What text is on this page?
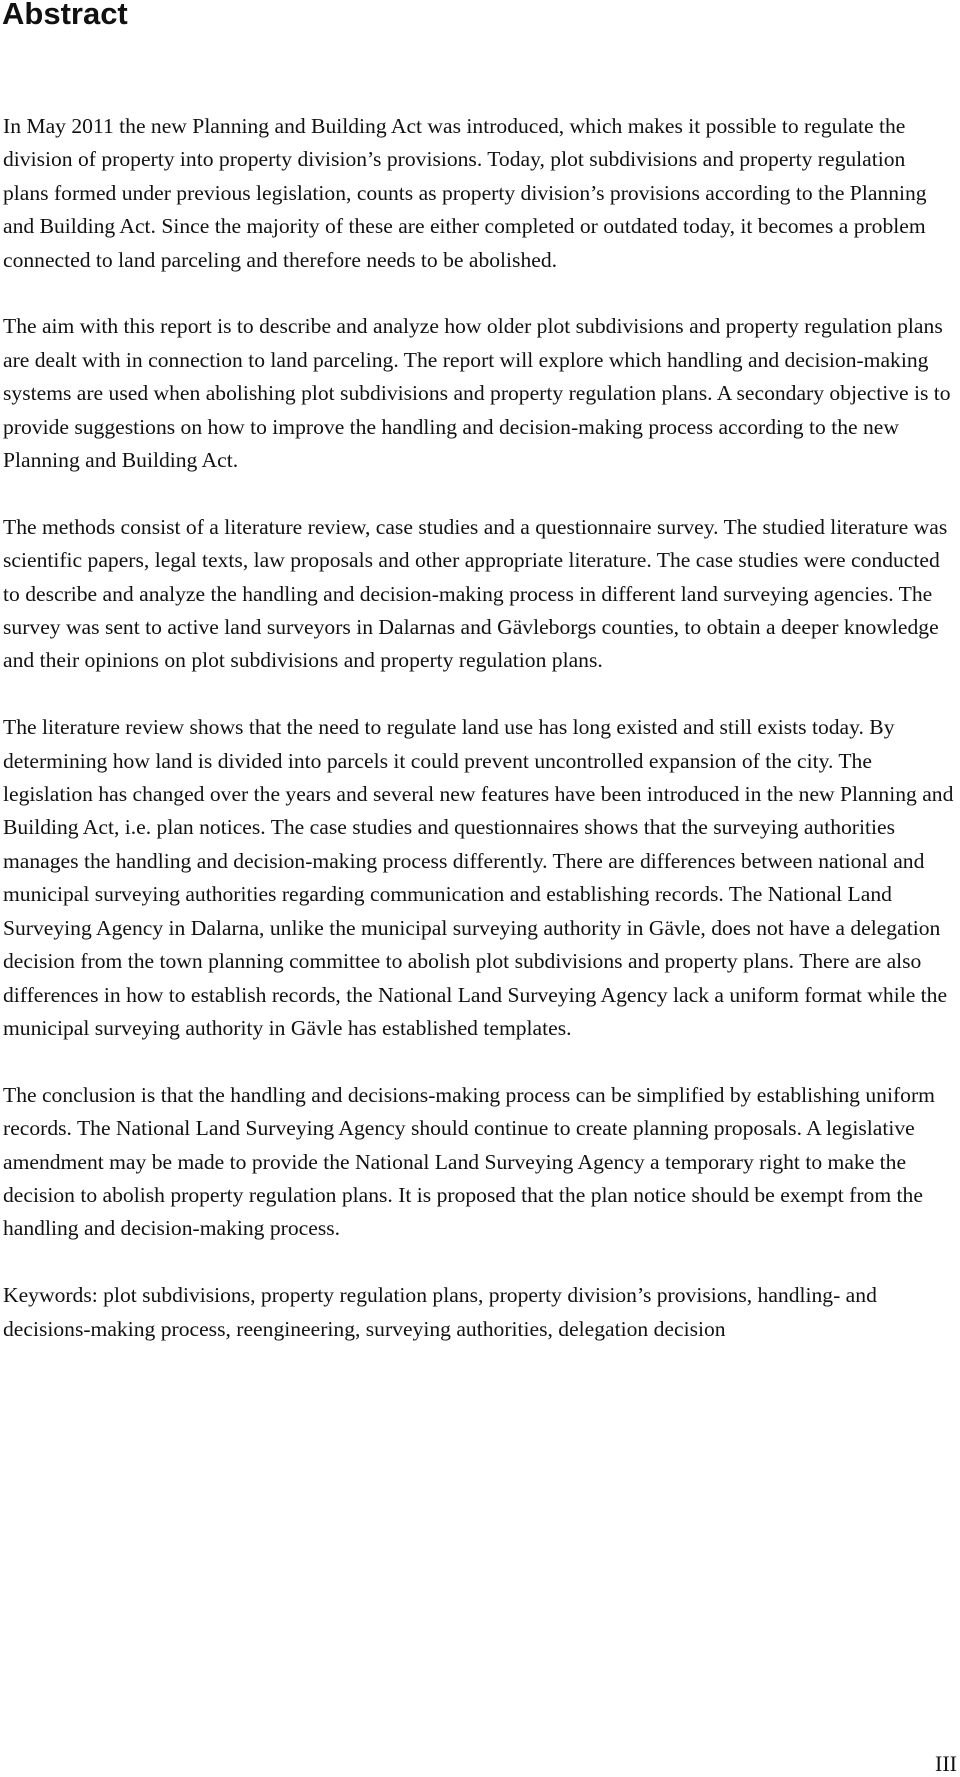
Abstract

In May 2011 the new Planning and Building Act was introduced, which makes it possible to regulate the division of property into property division’s provisions. Today, plot subdivisions and property regulation plans formed under previous legislation, counts as property division’s provisions according to the Planning and Building Act. Since the majority of these are either completed or outdated today, it becomes a problem connected to land parceling and therefore needs to be abolished.

The aim with this report is to describe and analyze how older plot subdivisions and property regulation plans are dealt with in connection to land parceling. The report will explore which handling and decision-making systems are used when abolishing plot subdivisions and property regulation plans. A secondary objective is to provide suggestions on how to improve the handling and decision-making process according to the new Planning and Building Act.

The methods consist of a literature review, case studies and a questionnaire survey. The studied literature was scientific papers, legal texts, law proposals and other appropriate literature. The case studies were conducted to describe and analyze the handling and decision-making process in different land surveying agencies. The survey was sent to active land surveyors in Dalarnas and Gävleborgs counties, to obtain a deeper knowledge and their opinions on plot subdivisions and property regulation plans.

The literature review shows that the need to regulate land use has long existed and still exists today. By determining how land is divided into parcels it could prevent uncontrolled expansion of the city. The legislation has changed over the years and several new features have been introduced in the new Planning and Building Act, i.e. plan notices. The case studies and questionnaires shows that the surveying authorities manages the handling and decision-making process differently. There are differences between national and municipal surveying authorities regarding communication and establishing records. The National Land Surveying Agency in Dalarna, unlike the municipal surveying authority in Gävle, does not have a delegation decision from the town planning committee to abolish plot subdivisions and property plans. There are also differences in how to establish records, the National Land Surveying Agency lack a uniform format while the municipal surveying authority in Gävle has established templates.

The conclusion is that the handling and decisions-making process can be simplified by establishing uniform records. The National Land Surveying Agency should continue to create planning proposals. A legislative amendment may be made to provide the National Land Surveying Agency a temporary right to make the decision to abolish property regulation plans. It is proposed that the plan notice should be exempt from the handling and decision-making process.

Keywords: plot subdivisions, property regulation plans, property division’s provisions, handling- and decisions-making process, reengineering, surveying authorities, delegation decision

III
